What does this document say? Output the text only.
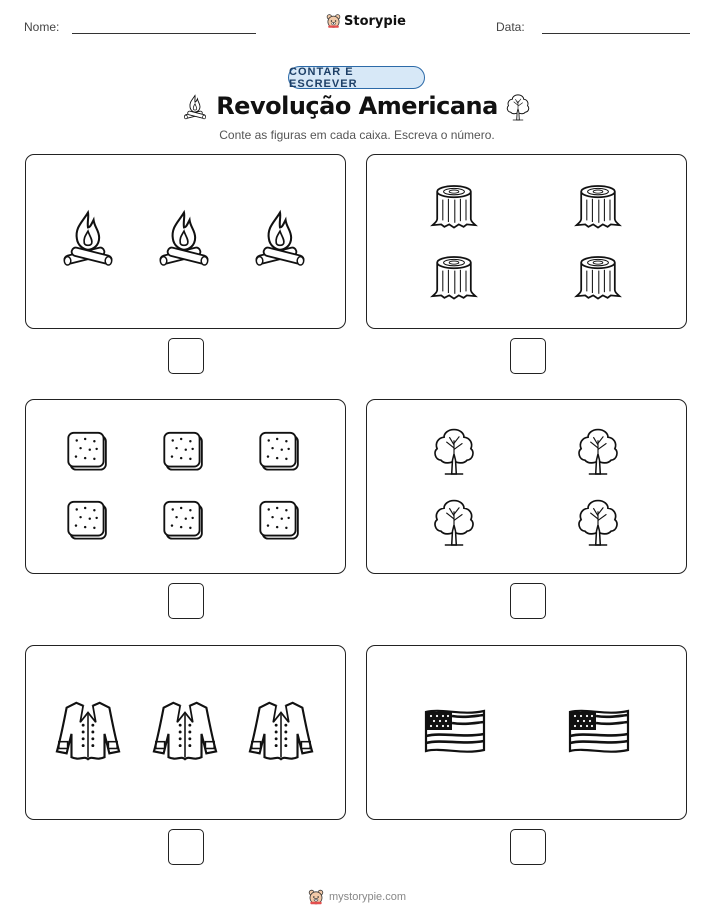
Nome:	Storypie	Data:
CONTAR E ESCREVER
Revolução Americana
Conte as figuras em cada caixa. Escreva o número.
mystorypie.com
